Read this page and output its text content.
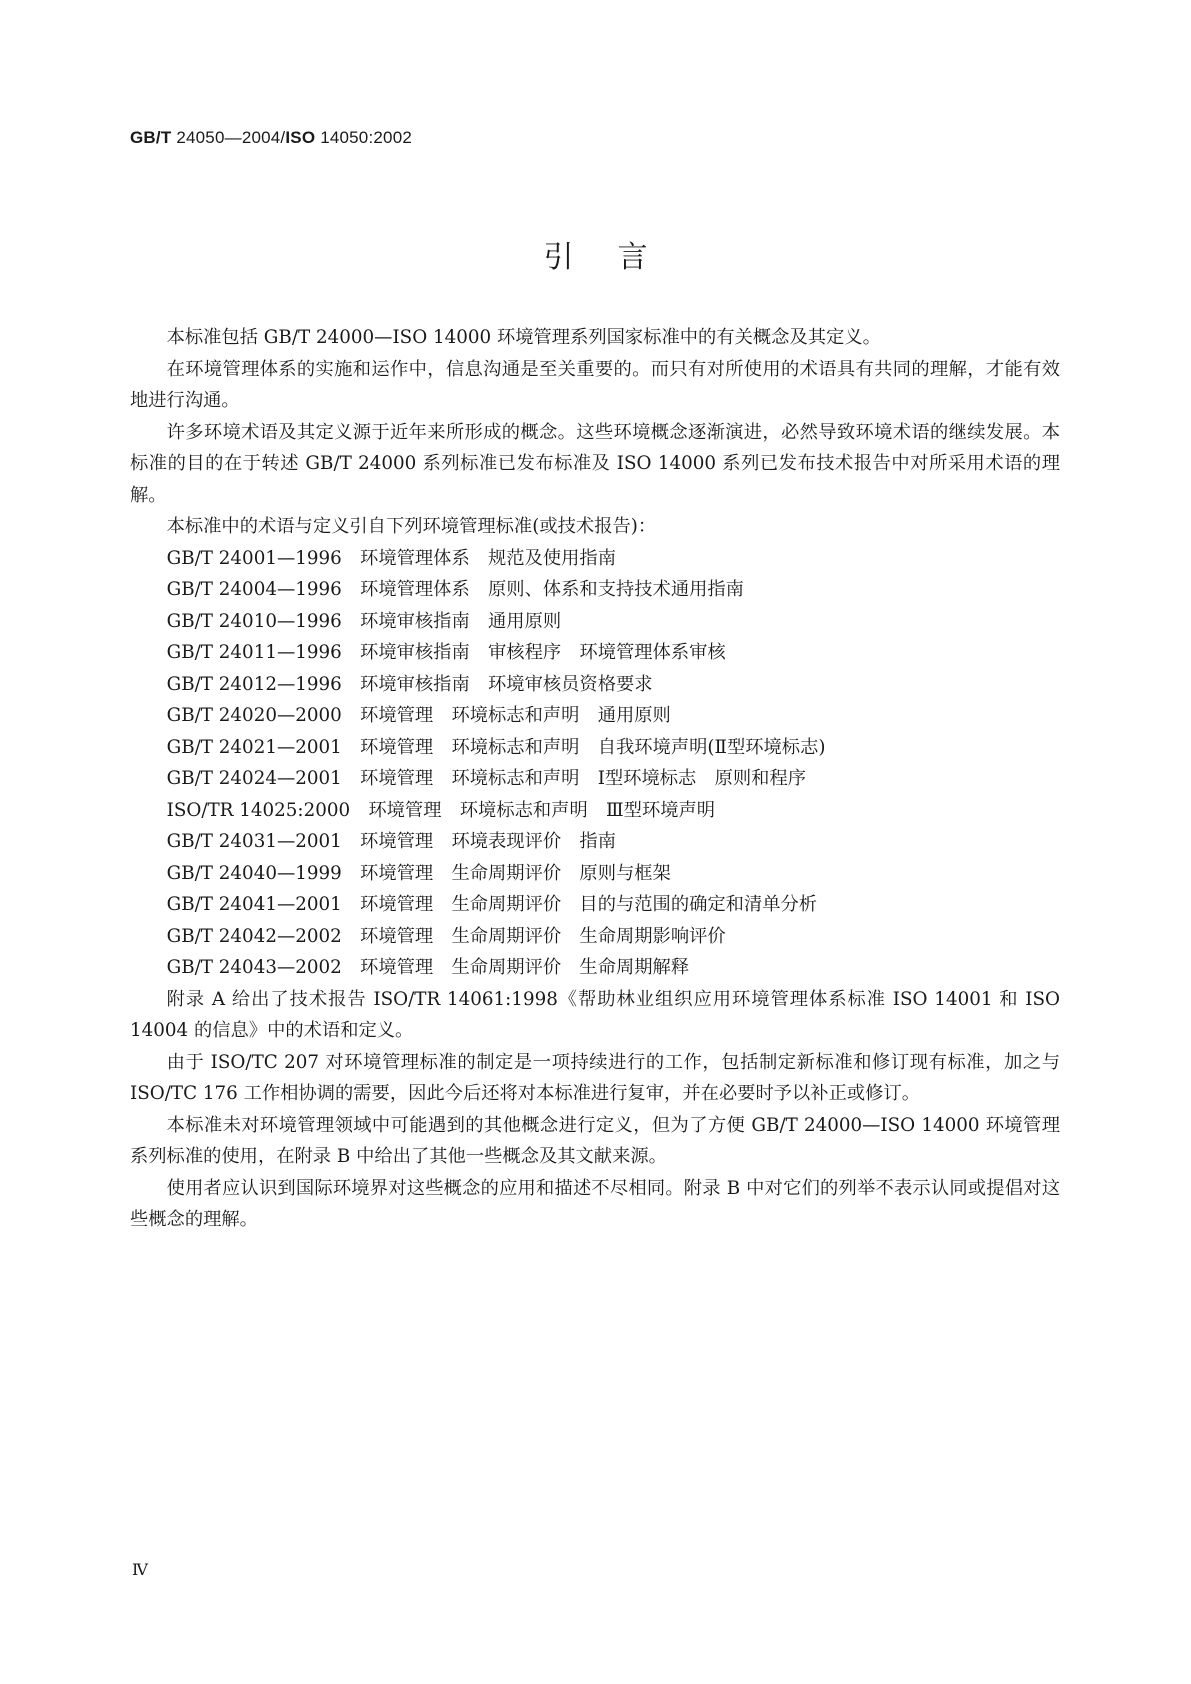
GB/T 24050—2004/ISO 14050:2002
引言

本标准包括 GB/T 24000—ISO 14000 环境管理系列国家标准中的有关概念及其定义。

在环境管理体系的实施和运作中，信息沟通是至关重要的。而只有对所使用的术语具有共同的理解，才能有效地进行沟通。

许多环境术语及其定义源于近年来所形成的概念。这些环境概念逐渐演进，必然导致环境术语的继续发展。本标准的目的在于转述 GB/T 24000 系列标准已发布标准及 ISO 14000 系列已发布技术报告中对所采用术语的理解。

本标准中的术语与定义引自下列环境管理标准(或技术报告)：

GB/T 24001—1996　环境管理体系　规范及使用指南
GB/T 24004—1996　环境管理体系　原则、体系和支持技术通用指南
GB/T 24010—1996　环境审核指南　通用原则
GB/T 24011—1996　环境审核指南　审核程序　环境管理体系审核
GB/T 24012—1996　环境审核指南　环境审核员资格要求
GB/T 24020—2000　环境管理　环境标志和声明　通用原则
GB/T 24021—2001　环境管理　环境标志和声明　自我环境声明(Ⅱ型环境标志)
GB/T 24024—2001　环境管理　环境标志和声明　Ⅰ型环境标志　原则和程序
ISO/TR 14025:2000　环境管理　环境标志和声明　Ⅲ型环境声明
GB/T 24031—2001　环境管理　环境表现评价　指南
GB/T 24040—1999　环境管理　生命周期评价　原则与框架
GB/T 24041—2001　环境管理　生命周期评价　目的与范围的确定和清单分析
GB/T 24042—2002　环境管理　生命周期评价　生命周期影响评价
GB/T 24043—2002　环境管理　生命周期评价　生命周期解释

附录 A 给出了技术报告 ISO/TR 14061:1998《帮助林业组织应用环境管理体系标准 ISO 14001 和 ISO 14004 的信息》中的术语和定义。

由于 ISO/TC 207 对环境管理标准的制定是一项持续进行的工作，包括制定新标准和修订现有标准，加之与 ISO/TC 176 工作相协调的需要，因此今后还将对本标准进行复审，并在必要时予以补正或修订。

本标准未对环境管理领域中可能遇到的其他概念进行定义，但为了方便 GB/T 24000—ISO 14000 环境管理系列标准的使用，在附录 B 中给出了其他一些概念及其文献来源。

使用者应认识到国际环境界对这些概念的应用和描述不尽相同。附录 B 中对它们的列举不表示认同或提倡对这些概念的理解。

Ⅳ
